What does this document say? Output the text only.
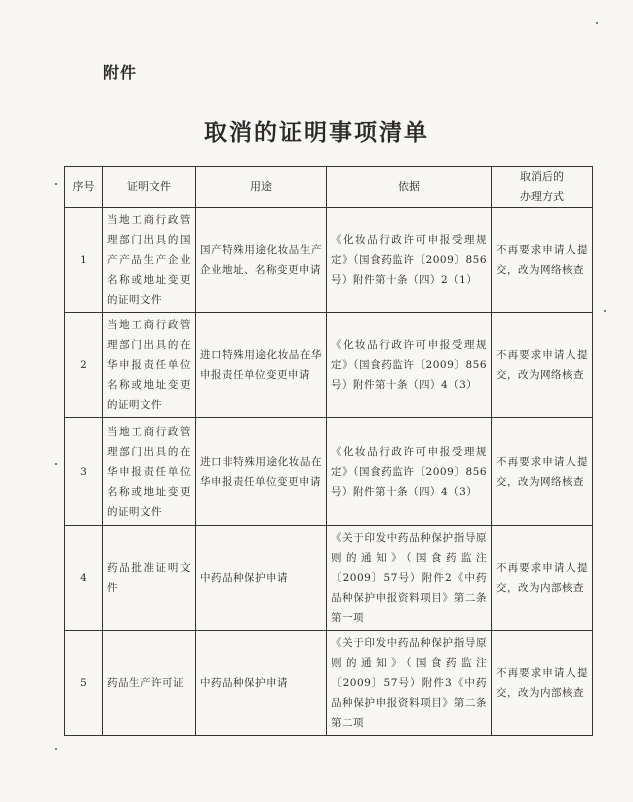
附件
取消的证明事项清单
序号	证明文件	用途	依据	取消后的
办理方式
1	当地工商行政管理部门出具的国产产品生产企业名称或地址变更的证明文件	国产特殊用途化妆品生产企业地址、名称变更申请	《化妆品行政许可申报受理规定》（国食药监许〔2009〕856号）附件第十条（四）2（1）	不再要求申请人提交，改为网络核查
2	当地工商行政管理部门出具的在华申报责任单位名称或地址变更的证明文件	进口特殊用途化妆品在华申报责任单位变更申请	《化妆品行政许可申报受理规定》（国食药监许〔2009〕856号）附件第十条（四）4（3）	不再要求申请人提交，改为网络核查
3	当地工商行政管理部门出具的在华申报责任单位名称或地址变更的证明文件	进口非特殊用途化妆品在华申报责任单位变更申请	《化妆品行政许可申报受理规定》（国食药监许〔2009〕856号）附件第十条（四）4（3）	不再要求申请人提交，改为网络核查
4	药品批准证明文件	中药品种保护申请	《关于印发中药品种保护指导原则的通知》（国食药监注〔2009〕57号）附件2《中药品种保护申报资料项目》第二条第一项	不再要求申请人提交，改为内部核查
5	药品生产许可证	中药品种保护申请	《关于印发中药品种保护指导原则的通知》（国食药监注〔2009〕57号）附件3《中药品种保护申报资料项目》第二条第二项	不再要求申请人提交，改为内部核查
